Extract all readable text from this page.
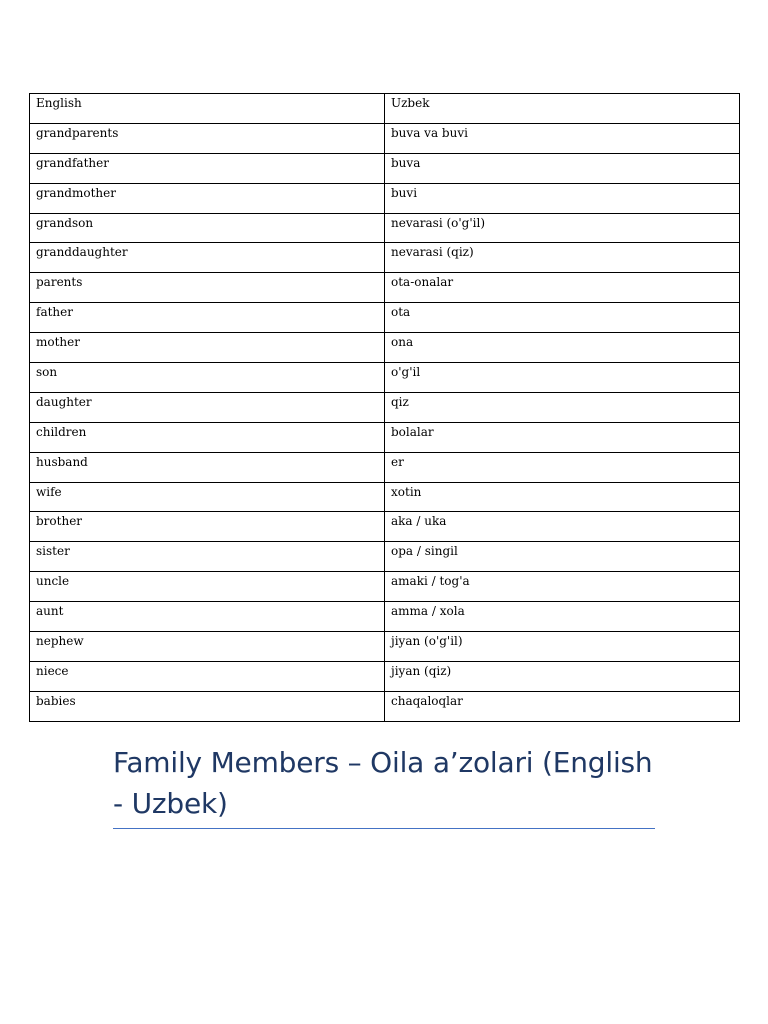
English	Uzbek
grandparents	buva va buvi
grandfather	buva
grandmother	buvi
grandson	nevarasi (o'g'il)
granddaughter	nevarasi (qiz)
parents	ota-onalar
father	ota
mother	ona
son	o'g'il
daughter	qiz
children	bolalar
husband	er
wife	xotin
brother	aka / uka
sister	opa / singil
uncle	amaki / tog'a
aunt	amma / xola
nephew	jiyan (o'g'il)
niece	jiyan (qiz)
babies	chaqaloqlar
Family Members – Oila a’zolari (English - Uzbek)
